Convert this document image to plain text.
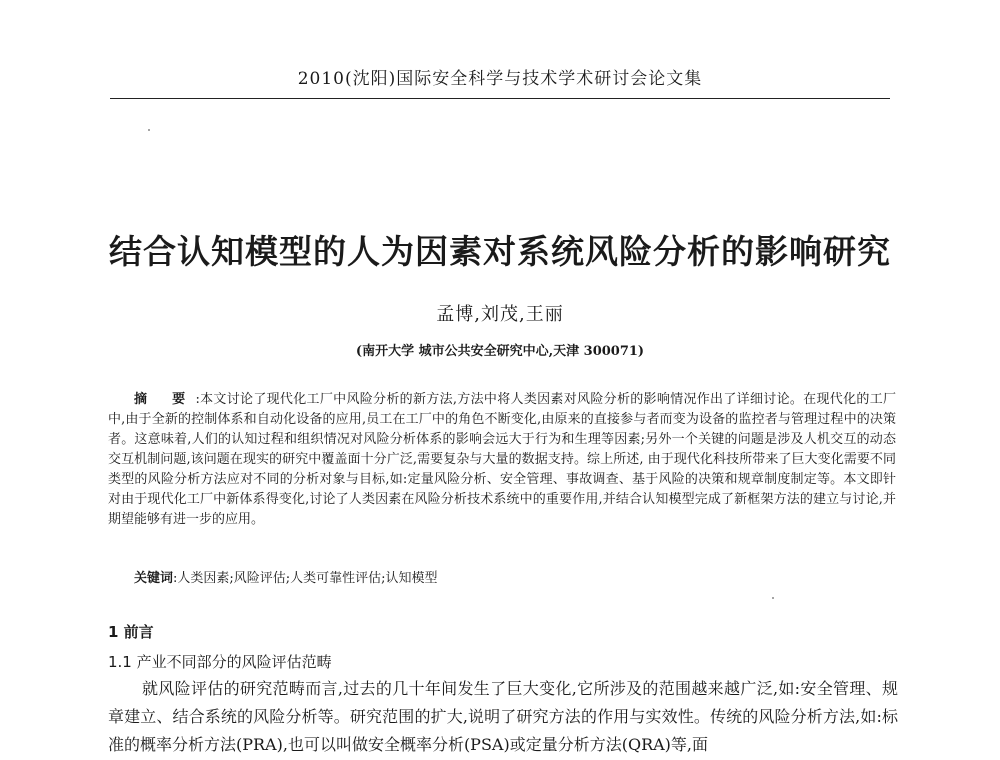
2010(沈阳)国际安全科学与技术学术研讨会论文集
结合认知模型的人为因素对系统风险分析的影响研究
孟博,刘茂,王丽
(南开大学 城市公共安全研究中心,天津 300071)

摘 要:本文讨论了现代化工厂中风险分析的新方法,方法中将人类因素对风险分析的影响情况作出了详细讨论。在现代化的工厂中,由于全新的控制体系和自动化设备的应用,员工在工厂中的角色不断变化,由原来的直接参与者而变为设备的监控者与管理过程中的决策者。这意味着,人们的认知过程和组织情况对风险分析体系的影响会远大于行为和生理等因素;另外一个关键的问题是涉及人机交互的动态交互机制问题,该问题在现实的研究中覆盖面十分广泛,需要复杂与大量的数据支持。综上所述, 由于现代化科技所带来了巨大变化需要不同类型的风险分析方法应对不同的分析对象与目标,如:定量风险分析、安全管理、事故调查、基于风险的决策和规章制度制定等。本文即针对由于现代化工厂中新体系得变化,讨论了人类因素在风险分析技术系统中的重要作用,并结合认知模型完成了新框架方法的建立与讨论,并期望能够有进一步的应用。

关键词:人类因素;风险评估;人类可靠性评估;认知模型

1 前言
1.1 产业不同部分的风险评估范畴

就风险评估的研究范畴而言,过去的几十年间发生了巨大变化,它所涉及的范围越来越广泛,如:安全管理、规章建立、结合系统的风险分析等。研究范围的扩大,说明了研究方法的作用与实效性。传统的风险分析方法,如:标准的概率分析方法(PRA),也可以叫做安全概率分析(PSA)或定量分析方法(QRA)等,面
